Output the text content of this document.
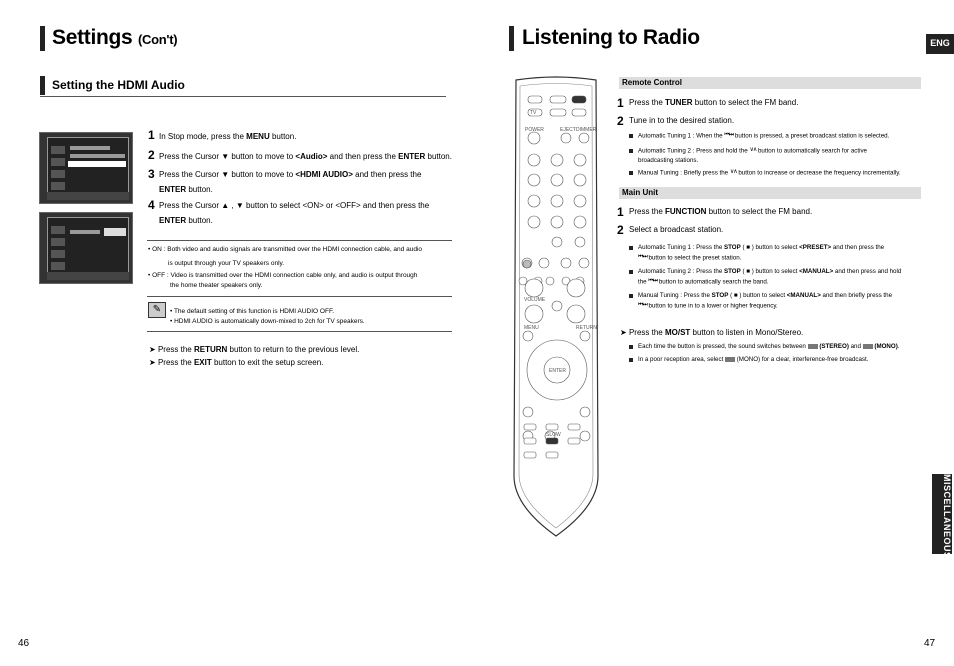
Settings (Con't)
Setting the HDMI Audio
1 In Stop mode, press the MENU button.
2 Press the Cursor ▼ button to move to <Audio> and then press the ENTER button.
3 Press the Cursor ▼ button to move to <HDMI AUDIO> and then press the ENTER button.
4 Press the Cursor ▲ , ▼ button to select <ON> or <OFF> and then press the ENTER button.
• ON : Both video and audio signals are transmitted over the HDMI connection cable, and audio
is output through your TV speakers only.
• OFF : Video is transmitted over the HDMI connection cable only, and audio is output through
the home theater speakers only.
✎	• The default setting of this function is HDMI AUDIO OFF.
• HDMI AUDIO is automatically down-mixed to 2ch for TV speakers.
➤ Press the RETURN button to return to the previous level.
➤ Press the EXIT button to exit the setup screen.
46
Listening to Radio	ENG
POWER	EJECT DIMMER
TV
VOLUME
MENU	RETURN
ENTER
SLOW
Remote Control
1 Press the TUNER button to select the FM band.
2 Tune in to the desired station.
Automatic Tuning 1 : When the ⏮⏭ button is pressed, a preset broadcast station is selected.
Automatic Tuning 2 : Press and hold the ∨∧ button to automatically search for active broadcasting stations.
Manual Tuning : Briefly press the ∨∧ button to increase or decrease the frequency incrementally.
Main Unit
1 Press the FUNCTION button to select the FM band.
2 Select a broadcast station.
Automatic Tuning 1 : Press the STOP ( ■ ) button to select <PRESET> and then press the
⏮⏭ button to select the preset station.
Automatic Tuning 2 : Press the STOP ( ■ ) button to select <MANUAL> and then press and hold
the ⏮⏭ button to automatically search the band.
Manual Tuning : Press the STOP ( ■ ) button to select <MANUAL> and then briefly press the
⏮⏭ button to tune in to a lower or higher frequency.
➤ Press the MO/ST button to listen in Mono/Stereo.
Each time the button is pressed, the sound switches between  (STEREO) and  (MONO).
In a poor reception area, select  (MONO) for a clear, interference-free broadcast.
MISCELLANEOUS
47
